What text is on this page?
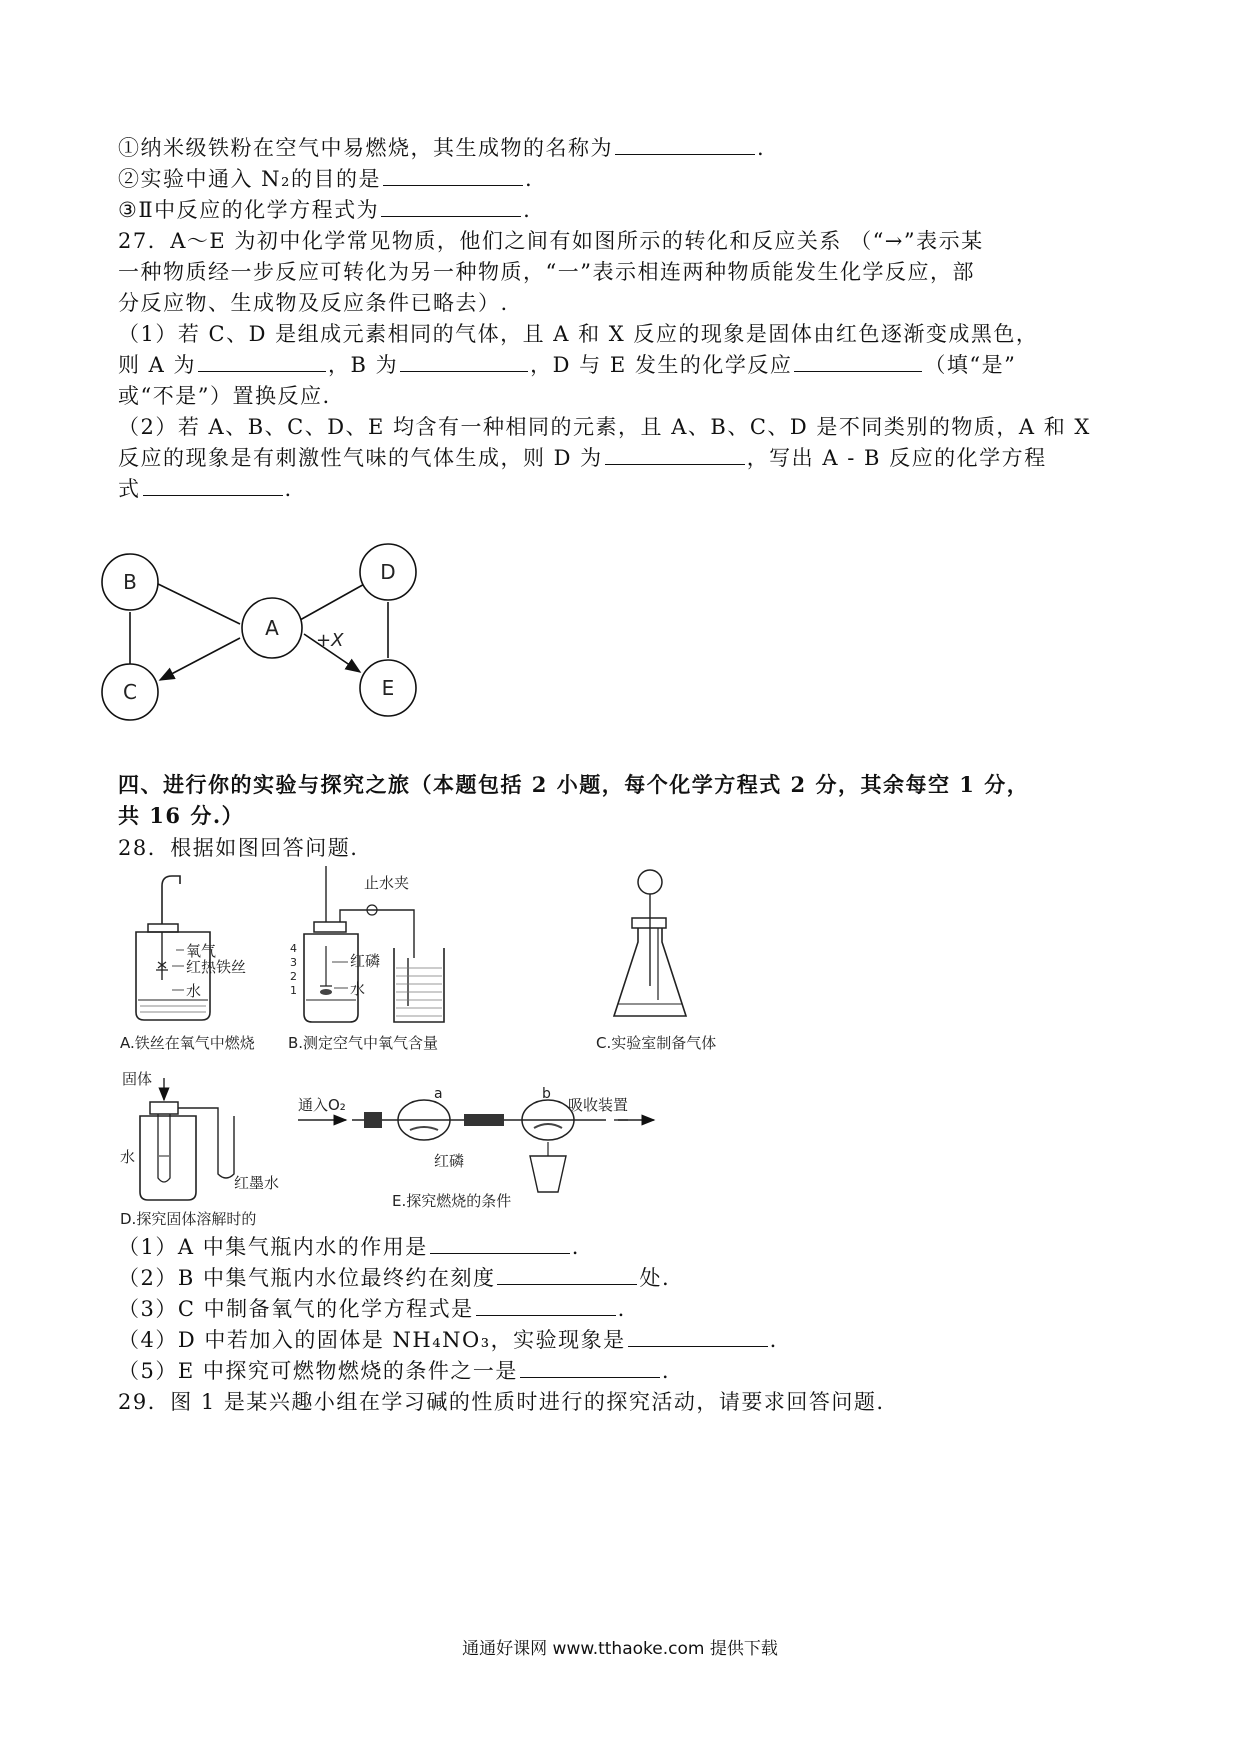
①纳米级铁粉在空气中易燃烧，其生成物的名称为	.
②实验中通入 N₂的目的是	.
③Ⅱ中反应的化学方程式为	.
27．A～E 为初中化学常见物质，他们之间有如图所示的转化和反应关系 （“→”表示某
一种物质经一步反应可转化为另一种物质，“一”表示相连两种物质能发生化学反应，部
分反应物、生成物及反应条件已略去）.
（1）若 C、D 是组成元素相同的气体，且 A 和 X 反应的现象是固体由红色逐渐变成黑色，
则 A 为	，B 为	，D 与 E 发生的化学反应	（填“是”
或“不是”）置换反应.
（2）若 A、B、C、D、E 均含有一种相同的元素，且 A、B、C、D 是不同类别的物质，A 和 X
反应的现象是有刺激性气味的气体生成，则 D 为	，写出 A - B 反应的化学方程
式	.
+X
B
A
C
D
E
四、进行你的实验与探究之旅（本题包括 2 小题，每个化学方程式 2 分，其余每空 1 分，
共 16 分.）
28．根据如图回答问题.
氧气
红热铁丝
水
A.铁丝在氧气中燃烧
止水夹
4
3
2
1
红磷
水
B.测定空气中氧气含量	C.实验室制备气体
固体
水
红墨水
D.探究固体溶解时的
通入O₂
a	b
吸收装置
红磷
E.探究燃烧的条件
（1）A 中集气瓶内水的作用是	.
（2）B 中集气瓶内水位最终约在刻度	处.
（3）C 中制备氧气的化学方程式是	.
（4）D 中若加入的固体是 NH₄NO₃，实验现象是	.
（5）E 中探究可燃物燃烧的条件之一是	.
29．图 1 是某兴趣小组在学习碱的性质时进行的探究活动，请要求回答问题.
通通好课网 www.tthaoke.com 提供下载
